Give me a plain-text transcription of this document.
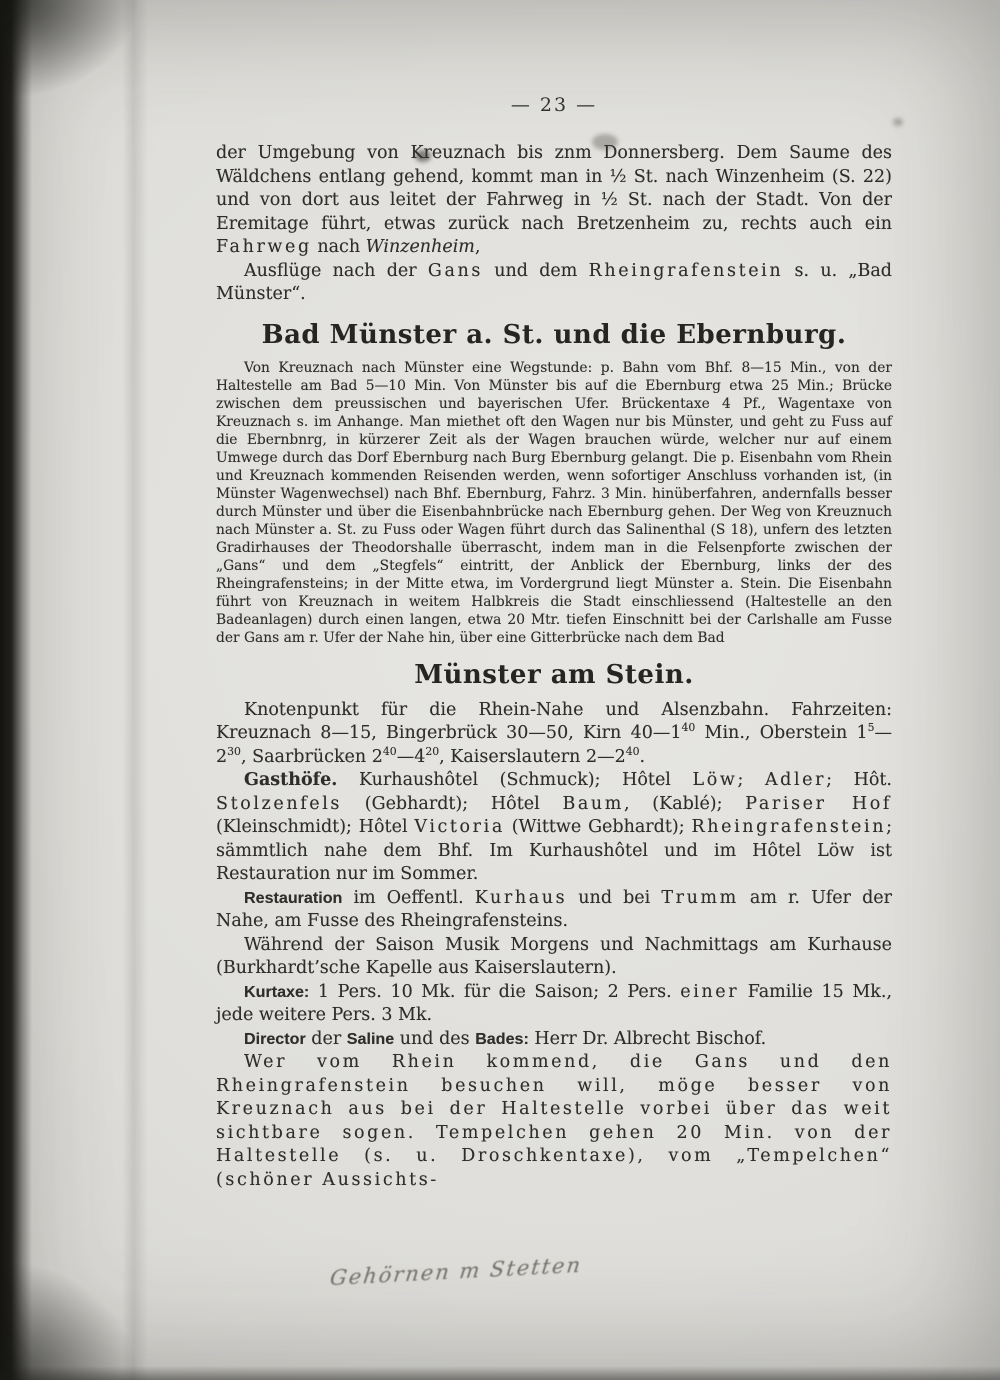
— 23 —

der Umgebung von Kreuznach bis znm Donnersberg. Dem Saume des Wäldchens entlang gehend, kommt man in ½ St. nach Winzenheim (S. 22) und von dort aus leitet der Fahrweg in ½ St. nach der Stadt. Von der Eremitage führt, etwas zurück nach Bretzenheim zu, rechts auch ein Fahrweg nach Winzenheim,

Ausflüge nach der Gans und dem Rheingrafenstein s. u. „Bad Münster“.

Bad Münster a. St. und die Ebernburg.

Von Kreuznach nach Münster eine Wegstunde: p. Bahn vom Bhf. 8—15 Min., von der Haltestelle am Bad 5—10 Min. Von Münster bis auf die Ebernburg etwa 25 Min.; Brücke zwischen dem preussischen und bayerischen Ufer. Brückentaxe 4 Pf., Wagentaxe von Kreuznach s. im Anhange. Man miethet oft den Wagen nur bis Münster, und geht zu Fuss auf die Ebernbnrg, in kürzerer Zeit als der Wagen brauchen würde, welcher nur auf einem Umwege durch das Dorf Ebernburg nach Burg Ebernburg gelangt. Die p. Eisenbahn vom Rhein und Kreuznach kommenden Reisenden werden, wenn sofortiger Anschluss vorhanden ist, (in Münster Wagenwechsel) nach Bhf. Ebernburg, Fahrz. 3 Min. hinüberfahren, andernfalls besser durch Münster und über die Eisenbahnbrücke nach Ebernburg gehen. Der Weg von Kreuznuch nach Münster a. St. zu Fuss oder Wagen führt durch das Salinenthal (S 18), unfern des letzten Gradirhauses der Theodorshalle überrascht, indem man in die Felsenpforte zwischen der „Gans“ und dem „Stegfels“ eintritt, der Anblick der Ebernburg, links der des Rheingrafensteins; in der Mitte etwa, im Vordergrund liegt Münster a. Stein. Die Eisenbahn führt von Kreuznach in weitem Halbkreis die Stadt einschliessend (Haltestelle an den Badeanlagen) durch einen langen, etwa 20 Mtr. tiefen Einschnitt bei der Carlshalle am Fusse der Gans am r. Ufer der Nahe hin, über eine Gitterbrücke nach dem Bad

Münster am Stein.

Knotenpunkt für die Rhein-Nahe und Alsenzbahn. Fahrzeiten: Kreuznach 8—15, Bingerbrück 30—50, Kirn $40—1^{40}$ Min., Oberstein $1^5—2^{30}$, Saarbrücken $2^{40}—4^{20}$, Kaiserslautern $2—2^{40}$.

Gasthöfe. Kurhaushôtel (Schmuck); Hôtel Löw; Adler; Hôt. Stolzenfels (Gebhardt); Hôtel Baum, (Kablé); Pariser Hof (Kleinschmidt); Hôtel Victoria (Wittwe Gebhardt); Rheingrafenstein; sämmtlich nahe dem Bhf. Im Kurhaushôtel und im Hôtel Löw ist Restauration nur im Sommer.

Restauration im Oeffentl. Kurhaus und bei Trumm am r. Ufer der Nahe, am Fusse des Rheingrafensteins.

Während der Saison Musik Morgens und Nachmittags am Kurhause (Burkhardt’sche Kapelle aus Kaiserslautern).

Kurtaxe: 1 Pers. 10 Mk. für die Saison; 2 Pers. einer Familie 15 Mk., jede weitere Pers. 3 Mk.

Director der Saline und des Bades: Herr Dr. Albrecht Bischof.

Wer vom Rhein kommend, die Gans und den Rheingrafenstein besuchen will, möge besser von Kreuznach aus bei der Haltestelle vorbei über das weit sichtbare sogen. Tempelchen gehen 20 Min. von der Haltestelle (s. u. Droschkentaxe), vom „Tempelchen“ (schöner Aussichts-

Gehörnen m Stetten
